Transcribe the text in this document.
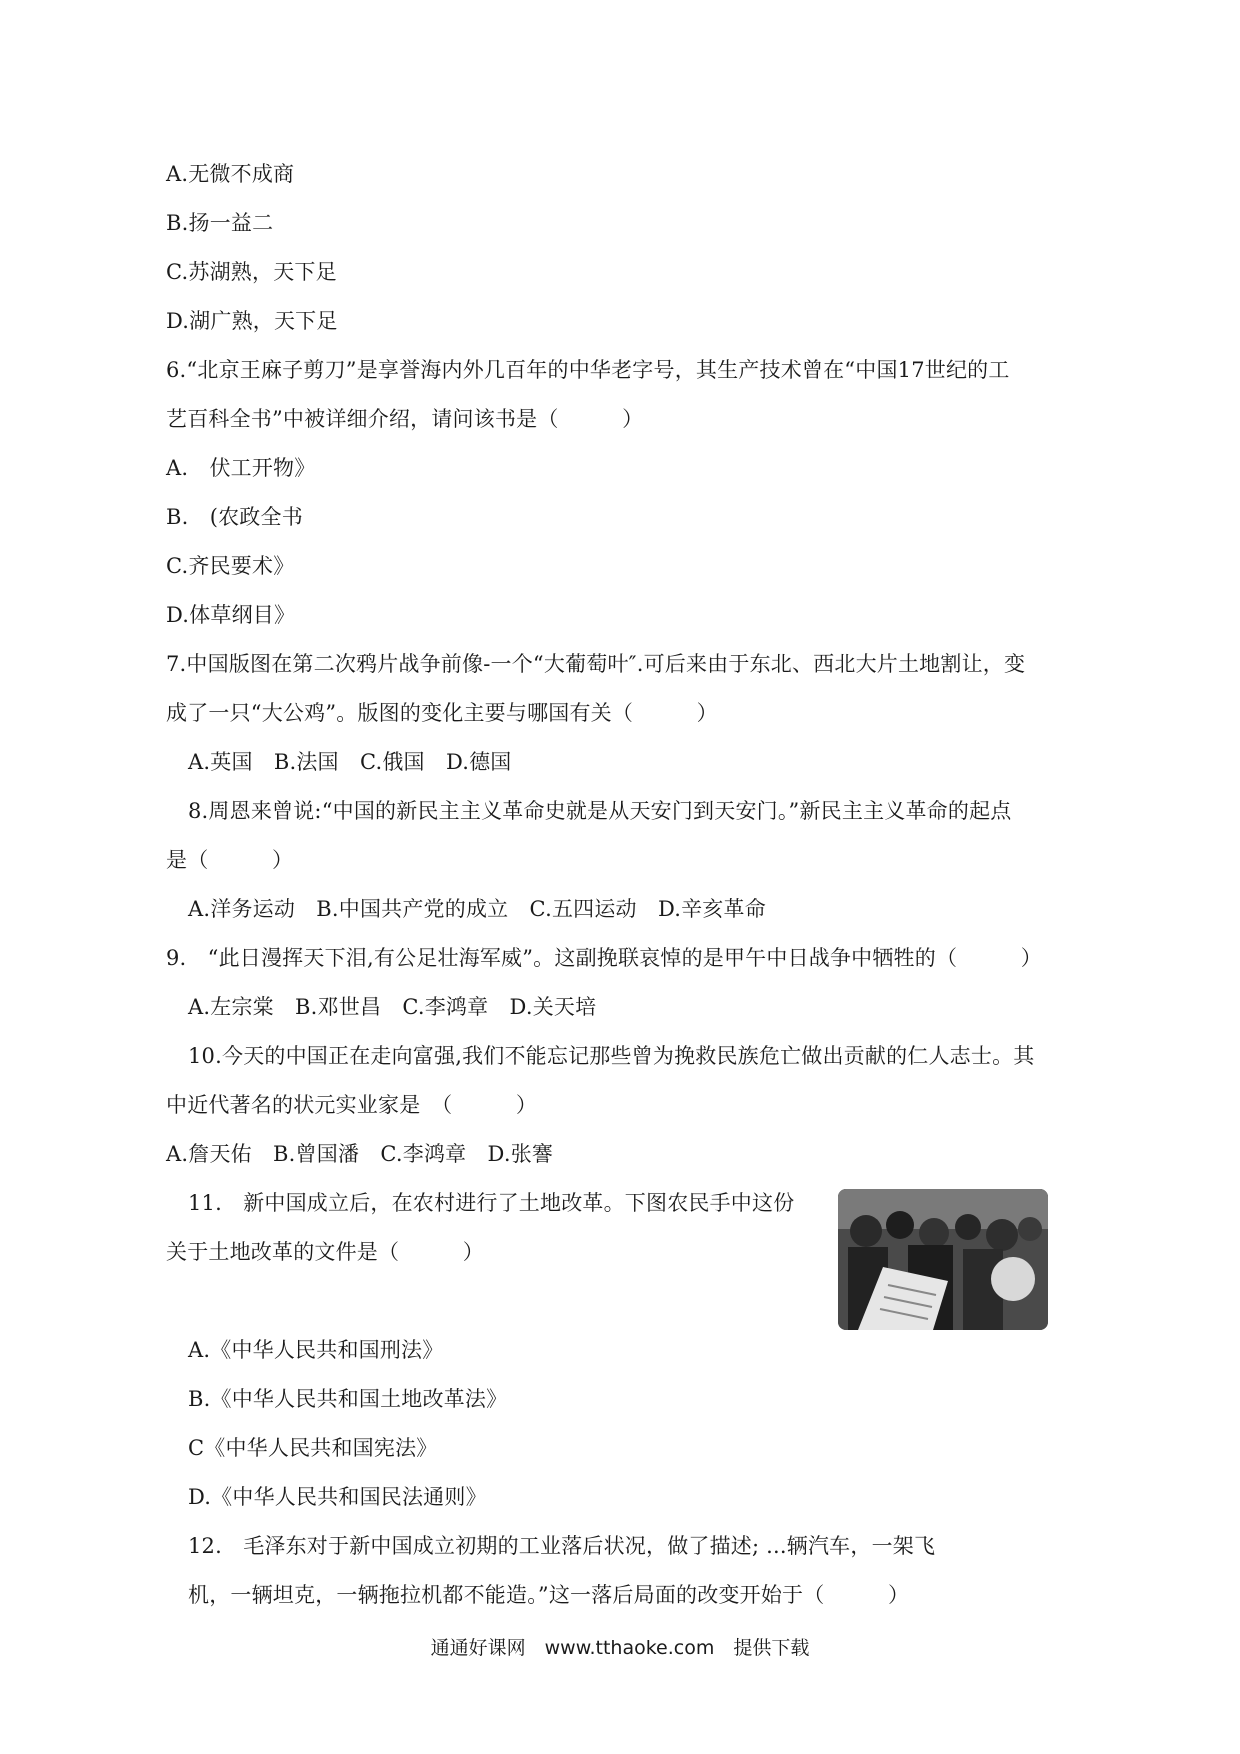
A.无微不成商
B.扬一益二
C.苏湖熟，天下足
D.湖广熟，天下足
6.“北京王麻子剪刀”是享誉海内外几百年的中华老字号，其生产技术曾在“中国17世纪的工
艺百科全书”中被详细介绍，请问该书是（　　　）
A.　伏工开物》
B.　(农政全书
C.齐民要术》
D.体草纲目》
7.中国版图在第二次鸦片战争前像-一个“大葡萄叶″.可后来由于东北、西北大片土地割让，变
成了一只“大公鸡”。版图的变化主要与哪国有关（　　　）
A.英国　B.法国　C.俄国　D.德国
8.周恩来曾说:“中国的新民主主义革命史就是从天安门到天安门。”新民主主义革命的起点
是（　　　）
A.洋务运动　B.中国共产党的成立　C.五四运动　D.辛亥革命
9.　“此日漫挥天下泪,有公足壮海军威”。这副挽联哀悼的是甲午中日战争中牺牲的（　　　）
A.左宗棠　B.邓世昌　C.李鸿章　D.关天培
10.今天的中国正在走向富强,我们不能忘记那些曾为挽救民族危亡做出贡献的仁人志士。其
中近代著名的状元实业家是　（　　　）
A.詹天佑　B.曾国潘　C.李鸿章　D.张謇
11.　新中国成立后，在农村进行了土地改革。下图农民手中这份
关于土地改革的文件是（　　　）
A.《中华人民共和国刑法》
B.《中华人民共和国土地改革法》
C《中华人民共和国宪法》
D.《中华人民共和国民法通则》
12.　毛泽东对于新中国成立初期的工业落后状况，做了描述; ...辆汽车，一架飞
机，一辆坦克，一辆拖拉机都不能造。”这一落后局面的改变开始于（　　　）
通通好课网　www.tthaoke.com　提供下载
